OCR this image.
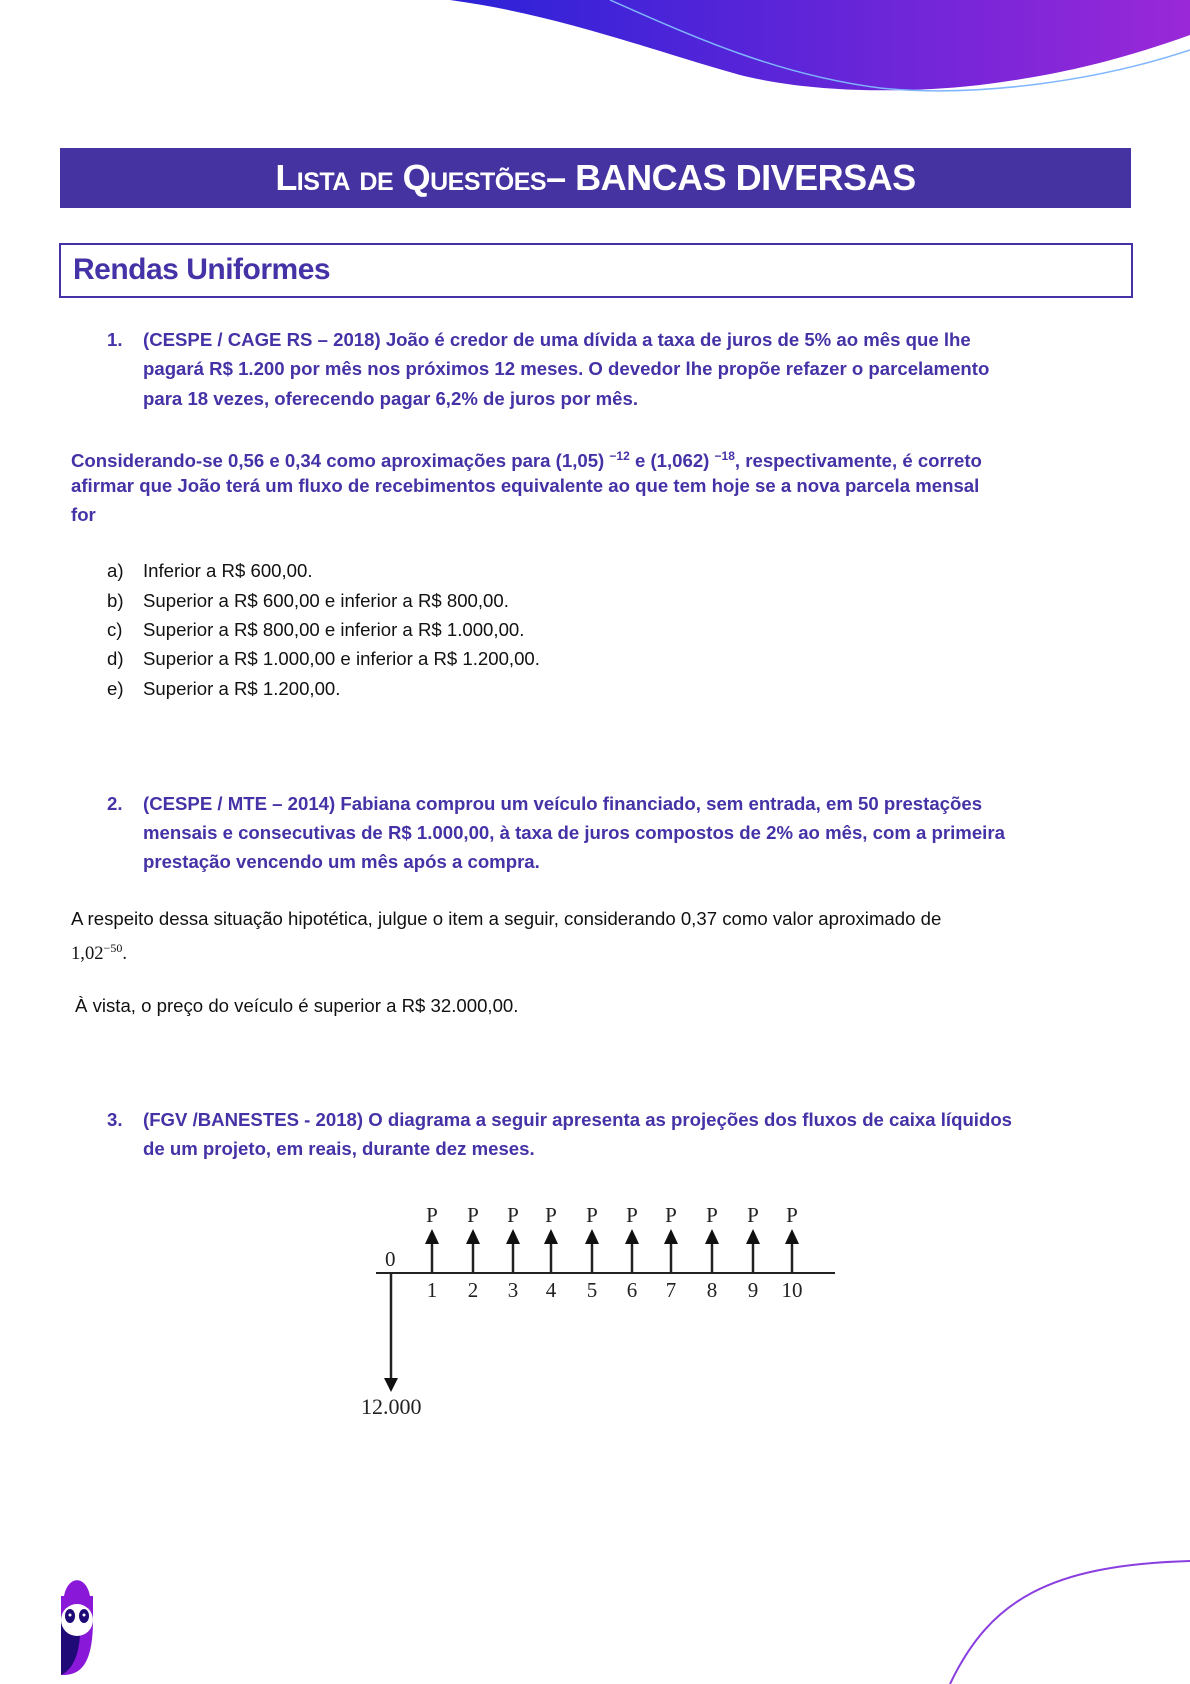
Lista de Questões – BANCAS DIVERSAS
Rendas Uniformes
1. (CESPE / CAGE RS – 2018) João é credor de uma dívida a taxa de juros de 5% ao mês que lhe
pagará R$ 1.200 por mês nos próximos 12 meses. O devedor lhe propõe refazer o parcelamento
para 18 vezes, oferecendo pagar 6,2% de juros por mês.
Considerando-se 0,56 e 0,34 como aproximações para (1,05) $^{-12}$ e (1,062) $^{-18}$, respectivamente, é correto
afirmar que João terá um fluxo de recebimentos equivalente ao que tem hoje se a nova parcela mensal
for
a) Inferior a R$ 600,00.
b) Superior a R$ 600,00 e inferior a R$ 800,00.
c) Superior a R$ 800,00 e inferior a R$ 1.000,00.
d) Superior a R$ 1.000,00 e inferior a R$ 1.200,00.
e) Superior a R$ 1.200,00.
2. (CESPE / MTE – 2014) Fabiana comprou um veículo financiado, sem entrada, em 50 prestações
mensais e consecutivas de R$ 1.000,00, à taxa de juros compostos de 2% ao mês, com a primeira
prestação vencendo um mês após a compra.
A respeito dessa situação hipotética, julgue o item a seguir, considerando 0,37 como valor aproximado de
$1,02^{-50}$.
À vista, o preço do veículo é superior a R$ 32.000,00.
3. (FGV /BANESTES - 2018) O diagrama a seguir apresenta as projeções dos fluxos de caixa líquidos
de um projeto, em reais, durante dez meses.
0
12.000
P
1
P
2
P
3
P
4
P
5
P
6
P
7
P
8
P
9
P
10
